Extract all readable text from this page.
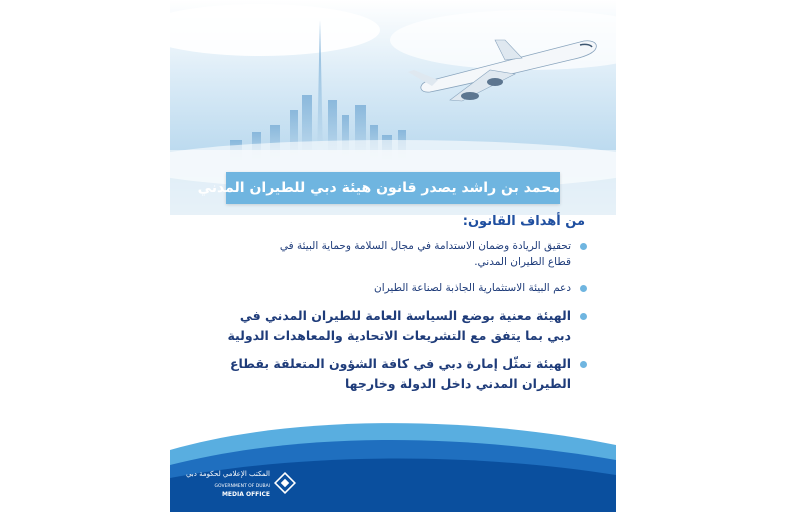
محمد بن راشد يصدر قانون هيئة دبي للطيران المدني
من أهداف القانون:
تحقيق الريادة وضمان الاستدامة في مجال السلامة وحماية البيئة في
قطاع الطيران المدني.
دعم البيئة الاستثمارية الجاذبة لصناعة الطيران
الهيئة معنية بوضع السياسة العامة للطيران المدني في
دبي بما يتفق مع التشريعات الاتحادية والمعاهدات الدولية
الهيئة تمثّل إمارة دبي في كافة الشؤون المتعلقة بقطاع
الطيران المدني داخل الدولة وخارجها
المكتب الإعلامي لحكومة دبي
GOVERNMENT OF DUBAI
MEDIA OFFICE
